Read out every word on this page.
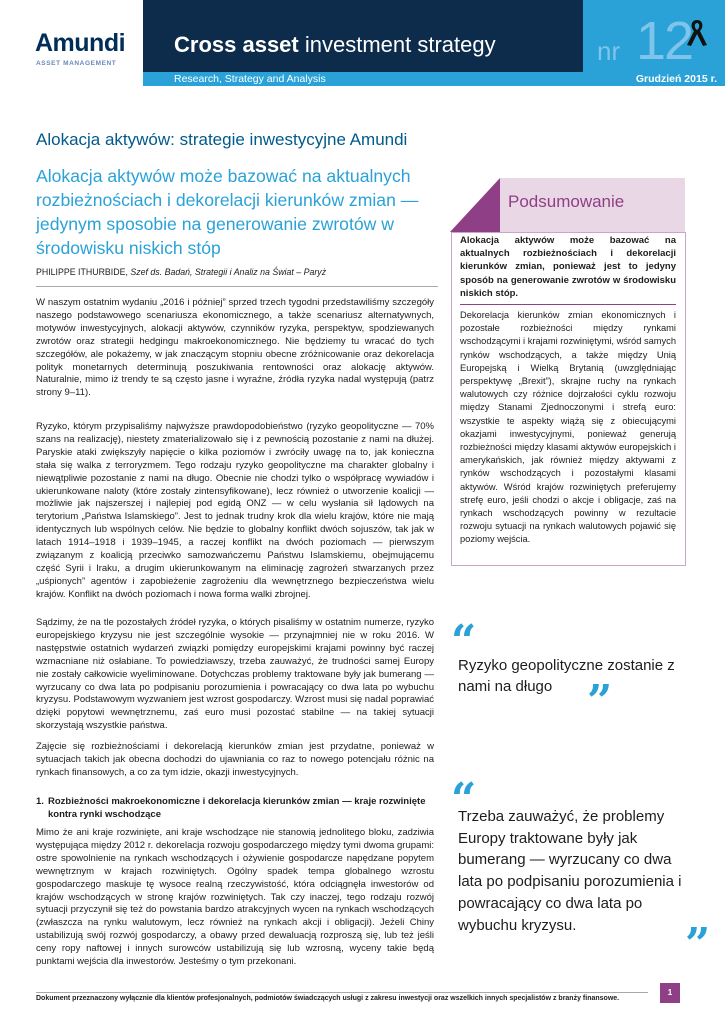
Amundi
ASSET MANAGEMENT
Cross asset investment strategy	nr 12
Research, Strategy and Analysis	Grudzień 2015 r.
Alokacja aktywów: strategie inwestycyjne Amundi
Alokacja aktywów może bazować na aktualnych rozbieżnościach i dekorelacji kierunków zmian — jedynym sposobie na generowanie zwrotów w środowisku niskich stóp
PHILIPPE ITHURBIDE, Szef ds. Badań, Strategii i Analiz na Świat – Paryż

W naszym ostatnim wydaniu „2016 i później” sprzed trzech tygodni przedstawiliśmy szczegóły naszego podstawowego scenariusza ekonomicznego, a także scenariusz alternatywnych, motywów inwestycyjnych, alokacji aktywów, czynników ryzyka, perspektyw, spodziewanych zwrotów oraz strategii hedgingu makroekonomicznego. Nie będziemy tu wracać do tych szczegółów, ale pokażemy, w jak znaczącym stopniu obecne zróżnicowanie oraz dekorelacja polityk monetarnych determinują poszukiwania rentowności oraz alokację aktywów. Naturalnie, mimo iż trendy te są często jasne i wyraźne, źródła ryzyka nadal występują (patrz strony 9–11).

Ryzyko, którym przypisaliśmy najwyższe prawdopodobieństwo (ryzyko geopolityczne — 70% szans na realizację), niestety zmaterializowało się i z pewnością pozostanie z nami na dłużej. Paryskie ataki zwiększyły napięcie o kilka poziomów i zwróciły uwagę na to, jak konieczna stała się walka z terroryzmem. Tego rodzaju ryzyko geopolityczne ma charakter globalny i niewątpliwie pozostanie z nami na długo. Obecnie nie chodzi tylko o współpracę wywiadów i ukierunkowane naloty (które zostały zintensyfikowane), lecz również o utworzenie koalicji — możliwie jak najszerszej i najlepiej pod egidą ONZ — w celu wysłania sił lądowych na terytorium „Państwa Islamskiego”. Jest to jednak trudny krok dla wielu krajów, które nie mają identycznych lub wspólnych celów. Nie będzie to globalny konflikt dwóch sojuszów, tak jak w latach 1914–1918 i 1939–1945, a raczej konflikt na dwóch poziomach — pierwszym związanym z koalicją przeciwko samozwańczemu Państwu Islamskiemu, obejmującemu część Syrii i Iraku, a drugim ukierunkowanym na eliminację zagrożeń stwarzanych przez „uśpionych” agentów i zapobieżenie zagrożeniu dla wewnętrznego bezpieczeństwa wielu krajów. Konflikt na dwóch poziomach i nowa forma walki zbrojnej.

Sądzimy, że na tle pozostałych źródeł ryzyka, o których pisaliśmy w ostatnim numerze, ryzyko europejskiego kryzysu nie jest szczególnie wysokie — przynajmniej nie w roku 2016. W następstwie ostatnich wydarzeń związki pomiędzy europejskimi krajami powinny być raczej wzmacniane niż osłabiane. To powiedziawszy, trzeba zauważyć, że trudności samej Europy nie zostały całkowicie wyeliminowane. Dotychczas problemy traktowane były jak bumerang — wyrzucany co dwa lata po podpisaniu porozumienia i powracający co dwa lata po wybuchu kryzysu. Podstawowym wyzwaniem jest wzrost gospodarczy. Wzrost musi się nadal poprawiać dzięki popytowi wewnętrznemu, zaś euro musi pozostać stabilne — na takiej sytuacji skorzystają wszystkie państwa.

Zajęcie się rozbieżnościami i dekorelacją kierunków zmian jest przydatne, ponieważ w sytuacjach takich jak obecna dochodzi do ujawniania co raz to nowego potencjału różnic na rynkach finansowych, a co za tym idzie, okazji inwestycyjnych.

1. Rozbieżności makroekonomiczne i dekorelacja kierunków zmian — kraje rozwinięte kontra rynki wschodzące

Mimo że ani kraje rozwinięte, ani kraje wschodzące nie stanowią jednolitego bloku, zadziwia występująca między 2012 r. dekorelacja rozwoju gospodarczego między tymi dwoma grupami: ostre spowolnienie na rynkach wschodzących i ożywienie gospodarcze napędzane popytem wewnętrznym w krajach rozwiniętych. Ogólny spadek tempa globalnego wzrostu gospodarczego maskuje tę wysoce realną rzeczywistość, która odciągnęła inwestorów od krajów wschodzących w stronę krajów rozwiniętych. Tak czy inaczej, tego rodzaju rozwój sytuacji przyczynił się też do powstania bardzo atrakcyjnych wycen na rynkach wschodzących (zwłaszcza na rynku walutowym, lecz również na rynkach akcji i obligacji). Jeżeli Chiny ustabilizują swój rozwój gospodarczy, a obawy przed dewaluacją rozproszą się, lub też jeśli ceny ropy naftowej i innych surowców ustabilizują się lub wzrosną, wyceny takie będą punktami wejścia dla inwestorów. Jesteśmy o tym przekonani.

Podsumowanie
Alokacja aktywów może bazować na aktualnych rozbieżnościach i dekorelacji kierunków zmian, ponieważ jest to jedyny sposób na generowanie zwrotów w środowisku niskich stóp.
Dekorelacja kierunków zmian ekonomicznych i pozostałe rozbieżności między rynkami wschodzącymi i krajami rozwiniętymi, wśród samych rynków wschodzących, a także między Unią Europejską i Wielką Brytanią (uwzględniając perspektywę „Brexit”), skrajne ruchy na rynkach walutowych czy różnice dojrzałości cyklu rozwoju między Stanami Zjednoczonymi i strefą euro: wszystkie te aspekty wiążą się z obiecującymi okazjami inwestycyjnymi, ponieważ generują rozbieżności między klasami aktywów europejskich i amerykańskich, jak również między aktywami z rynków wschodzących i pozostałymi klasami aktywów. Wśród krajów rozwiniętych preferujemy strefę euro, jeśli chodzi o akcje i obligacje, zaś na rynkach wschodzących powinny w rezultacie rozwoju sytuacji na rynkach walutowych pojawić się poziomy wejścia.
“
Ryzyko geopolityczne zostanie z nami na długo ”
“
Trzeba zauważyć, że problemy Europy traktowane były jak bumerang — wyrzucany co dwa lata po podpisaniu porozumienia i powracający co dwa lata po wybuchu kryzysu.	”
Dokument przeznaczony wyłącznie dla klientów profesjonalnych, podmiotów świadczących usługi z zakresu inwestycji oraz wszelkich innych specjalistów z branży finansowe.
1
